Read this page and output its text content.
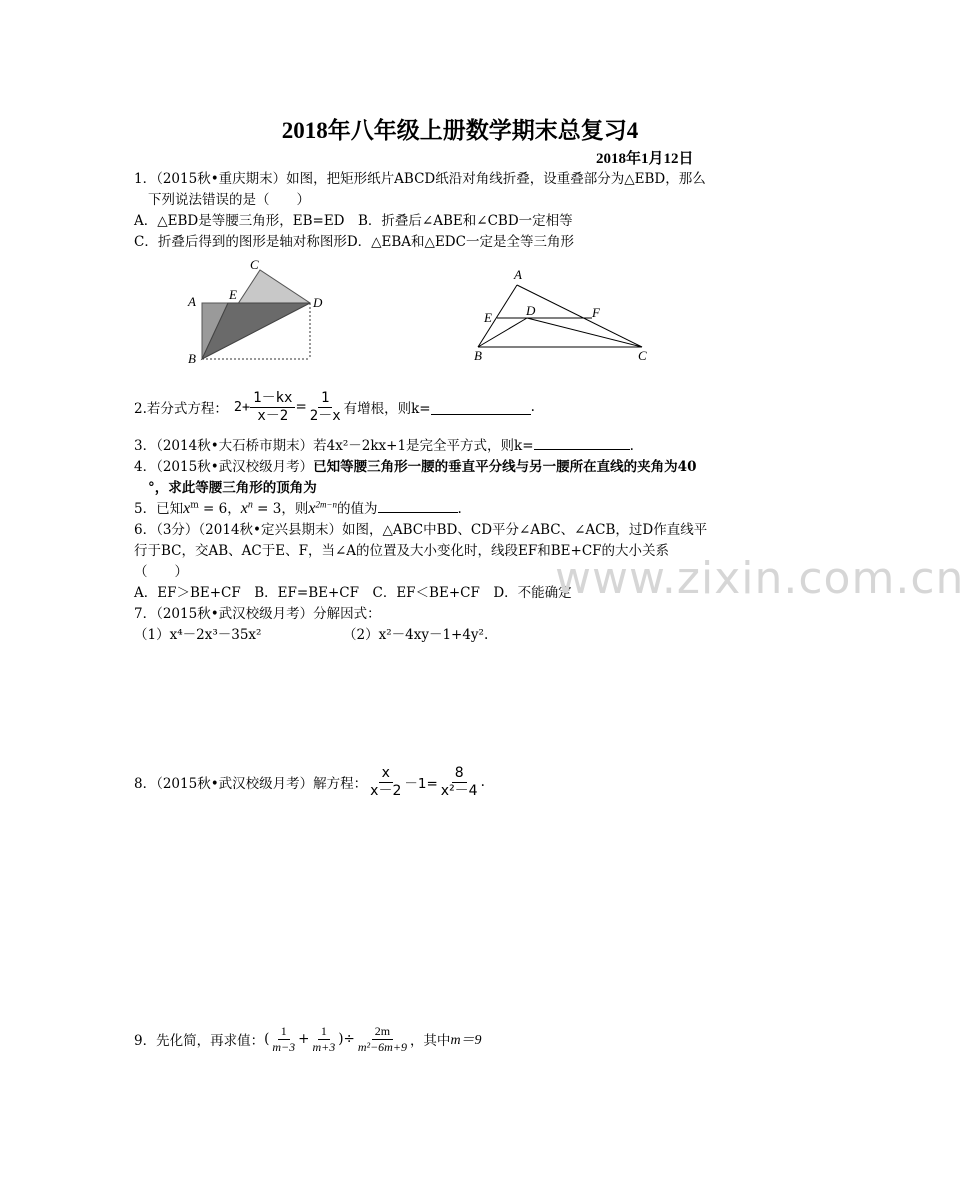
2018年八年级上册数学期末总复习4
2018年1月12日
1．（2015秋•重庆期末）如图，把矩形纸片ABCD纸沿对角线折叠，设重叠部分为△EBD，那么
下列说法错误的是（　　）
A．△EBD是等腰三角形，EB=ED　B．折叠后∠ABE和∠CBD一定相等
C．折叠后得到的图形是轴对称图形D．△EBA和△EDC一定是全等三角形
A	E
C
D
B
A
E	D	F
B	C
2.若分式方程： $2+ \frac{1-kx}{x-2} = \frac{1}{2-x}$ 有增根，则k=	.
3．（2014秋•大石桥市期末）若4x²－2kx+1是完全平方式，则k=	.
4．（2015秋•武汉校级月考）已知等腰三角形一腰的垂直平分线与另一腰所在直线的夹角为40
°，求此等腰三角形的顶角为
5．已知$x^m = 6$，$x^n = 3$，则$x^{2m-n}$的值为	.
6．（3分）（2014秋•定兴县期末）如图，△ABC中BD、CD平分∠ABC、∠ACB，过D作直线平
行于BC，交AB、AC于E、F，当∠A的位置及大小变化时，线段EF和BE+CF的大小关系
（　　）
A．EF＞BE+CF　B．EF=BE+CF　C．EF＜BE+CF　D．不能确定
www.zixin.com.cn
7．（2015秋•武汉校级月考）分解因式：
（1）x⁴－2x³－35x²	（2）x²－4xy－1+4y².
8．（2015秋•武汉校级月考）解方程： $\frac{x}{x-2} -1= \frac{8}{\text{x²－4}}$ .
9．先化简，再求值： ( $\frac{1}{m-3} + \frac{1}{m+3}$ )÷ $\frac{2m}{\text{m²−6m+9}}$ ，其中 m＝9
